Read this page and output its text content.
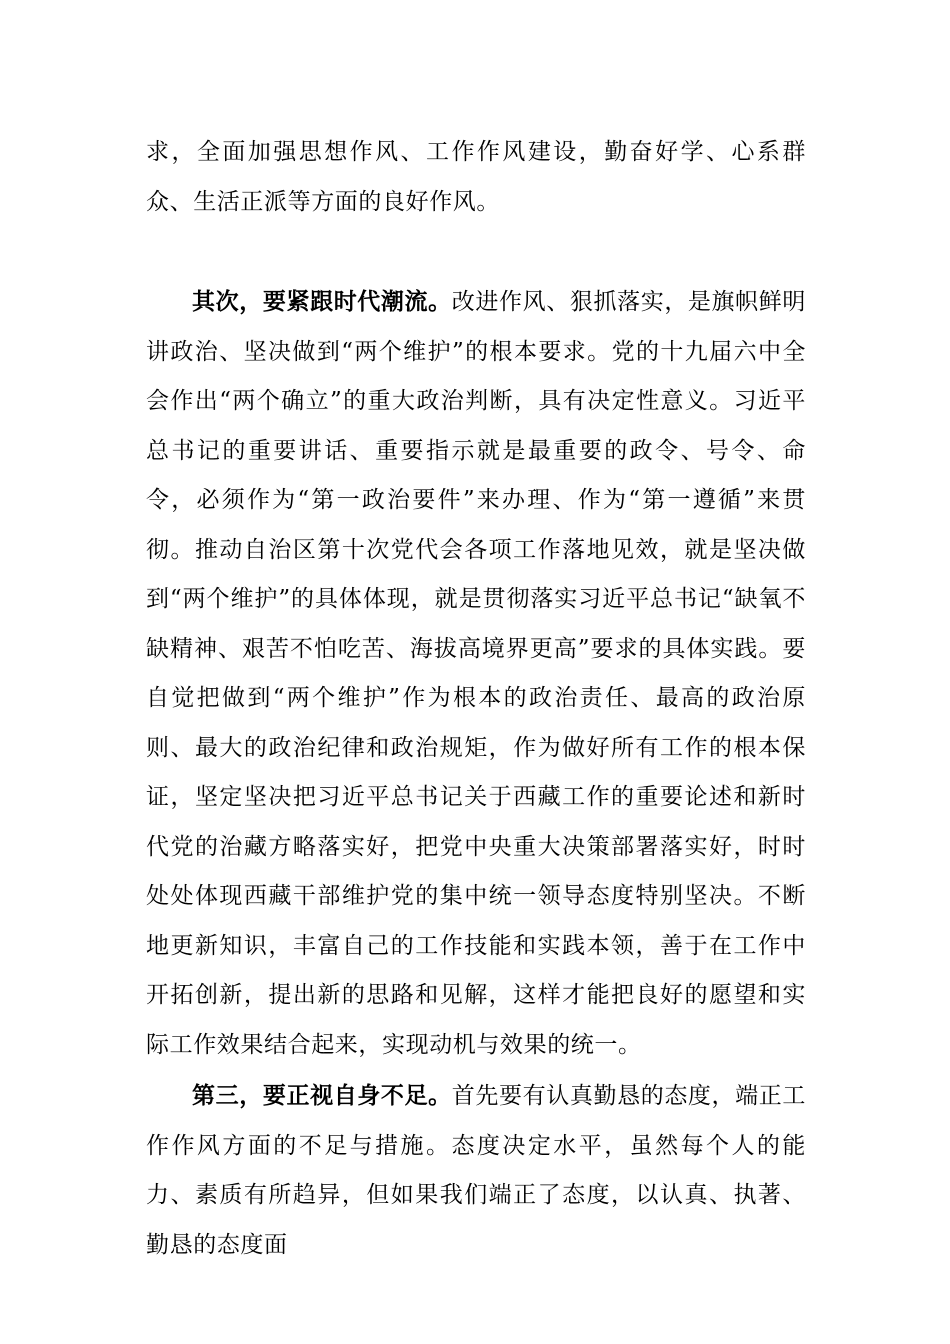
求，全面加强思想作风、工作作风建设，勤奋好学、心系群众、生活正派等方面的良好作风。

其次，要紧跟时代潮流。改进作风、狠抓落实，是旗帜鲜明讲政治、坚决做到“两个维护”的根本要求。党的十九届六中全会作出“两个确立”的重大政治判断，具有决定性意义。习近平总书记的重要讲话、重要指示就是最重要的政令、号令、命令，必须作为“第一政治要件”来办理、作为“第一遵循”来贯彻。推动自治区第十次党代会各项工作落地见效，就是坚决做到“两个维护”的具体体现，就是贯彻落实习近平总书记“缺氧不缺精神、艰苦不怕吃苦、海拔高境界更高”要求的具体实践。要自觉把做到“两个维护”作为根本的政治责任、最高的政治原则、最大的政治纪律和政治规矩，作为做好所有工作的根本保证，坚定坚决把习近平总书记关于西藏工作的重要论述和新时代党的治藏方略落实好，把党中央重大决策部署落实好，时时处处体现西藏干部维护党的集中统一领导态度特别坚决。不断地更新知识，丰富自己的工作技能和实践本领，善于在工作中开拓创新，提出新的思路和见解，这样才能把良好的愿望和实际工作效果结合起来，实现动机与效果的统一。

第三，要正视自身不足。首先要有认真勤恳的态度，端正工作作风方面的不足与措施。态度决定水平，虽然每个人的能力、素质有所趋异，但如果我们端正了态度，以认真、执著、勤恳的态度面
